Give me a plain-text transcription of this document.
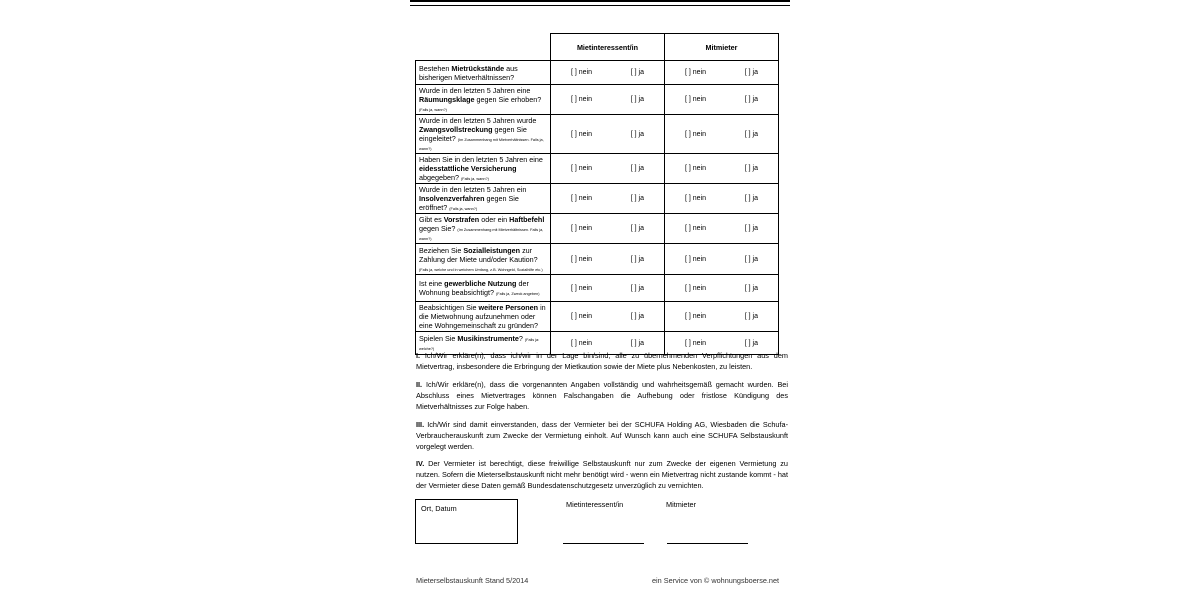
	Mietinteressent/in	Mitmieter
Bestehen Mietrückstände aus bisherigen Mietverhältnissen?	[ ] nein [ ] ja	[ ] nein [ ] ja

Wurde in den letzten 5 Jahren eine Räumungsklage gegen Sie erhoben? (Falls ja, wann?)	[ ] nein [ ] ja	[ ] nein [ ] ja

Wurde in den letzten 5 Jahren wurde Zwangsvollstreckung gegen Sie eingeleitet? (Im Zusammenhang mit Mietverhältnissen. Falls ja, wann?)	[ ] nein [ ] ja	[ ] nein [ ] ja

Haben Sie in den letzten 5 Jahren eine eidesstattliche Versicherung abgegeben? (Falls ja, wann?)	[ ] nein [ ] ja	[ ] nein [ ] ja

Wurde in den letzten 5 Jahren ein Insolvenzverfahren gegen Sie eröffnet? (Falls ja, wann?)	[ ] nein [ ] ja	[ ] nein [ ] ja

Gibt es Vorstrafen oder ein Haftbefehl gegen Sie? (Im Zusammenhang mit Mietverhältnissen. Falls ja, wann?)	[ ] nein [ ] ja	[ ] nein [ ] ja

Beziehen Sie Sozialleistungen zur Zahlung der Miete und/oder Kaution? (Falls ja, welche und in welchem Umfang, z.B. Wohngeld, Sozialhilfe etc.)	[ ] nein [ ] ja	[ ] nein [ ] ja

Ist eine gewerbliche Nutzung der Wohnung beabsichtigt? (Falls ja, Zweck angeben)	[ ] nein [ ] ja	[ ] nein [ ] ja

Beabsichtigen Sie weitere Personen in die Mietwohnung aufzunehmen oder eine Wohngemeinschaft zu gründen?	[ ] nein [ ] ja	[ ] nein [ ] ja

Spielen Sie Musikinstrumente? (Falls ja: welche?)	[ ] nein [ ] ja	[ ] nein [ ] ja
I. Ich/Wir erkläre(n), dass ich/wir in der Lage bin/sind, alle zu übernehmenden Verpflichtungen aus dem Mietvertrag, insbesondere die Erbringung der Mietkaution sowie der Miete plus Nebenkosten, zu leisten.
II. Ich/Wir erkläre(n), dass die vorgenannten Angaben vollständig und wahrheitsgemäß gemacht wurden. Bei Abschluss eines Mietvertrages können Falschangaben die Aufhebung oder fristlose Kündigung des Mietverhältnisses zur Folge haben.
III. Ich/Wir sind damit einverstanden, dass der Vermieter bei der SCHUFA Holding AG, Wiesbaden die Schufa-Verbraucherauskunft zum Zwecke der Vermietung einholt. Auf Wunsch kann auch eine SCHUFA Selbstauskunft vorgelegt werden.
IV. Der Vermieter ist berechtigt, diese freiwillige Selbstauskunft nur zum Zwecke der eigenen Vermietung zu nutzen. Sofern die Mieterselbstauskunft nicht mehr benötigt wird - wenn ein Mietvertrag nicht zustande kommt - hat der Vermieter diese Daten gemäß Bundesdatenschutzgesetz unverzüglich zu vernichten.
Ort, Datum	Mietinteressent/in	Mitmieter
Mieterselbstauskunft Stand 5/2014	ein Service von © wohnungsboerse.net
